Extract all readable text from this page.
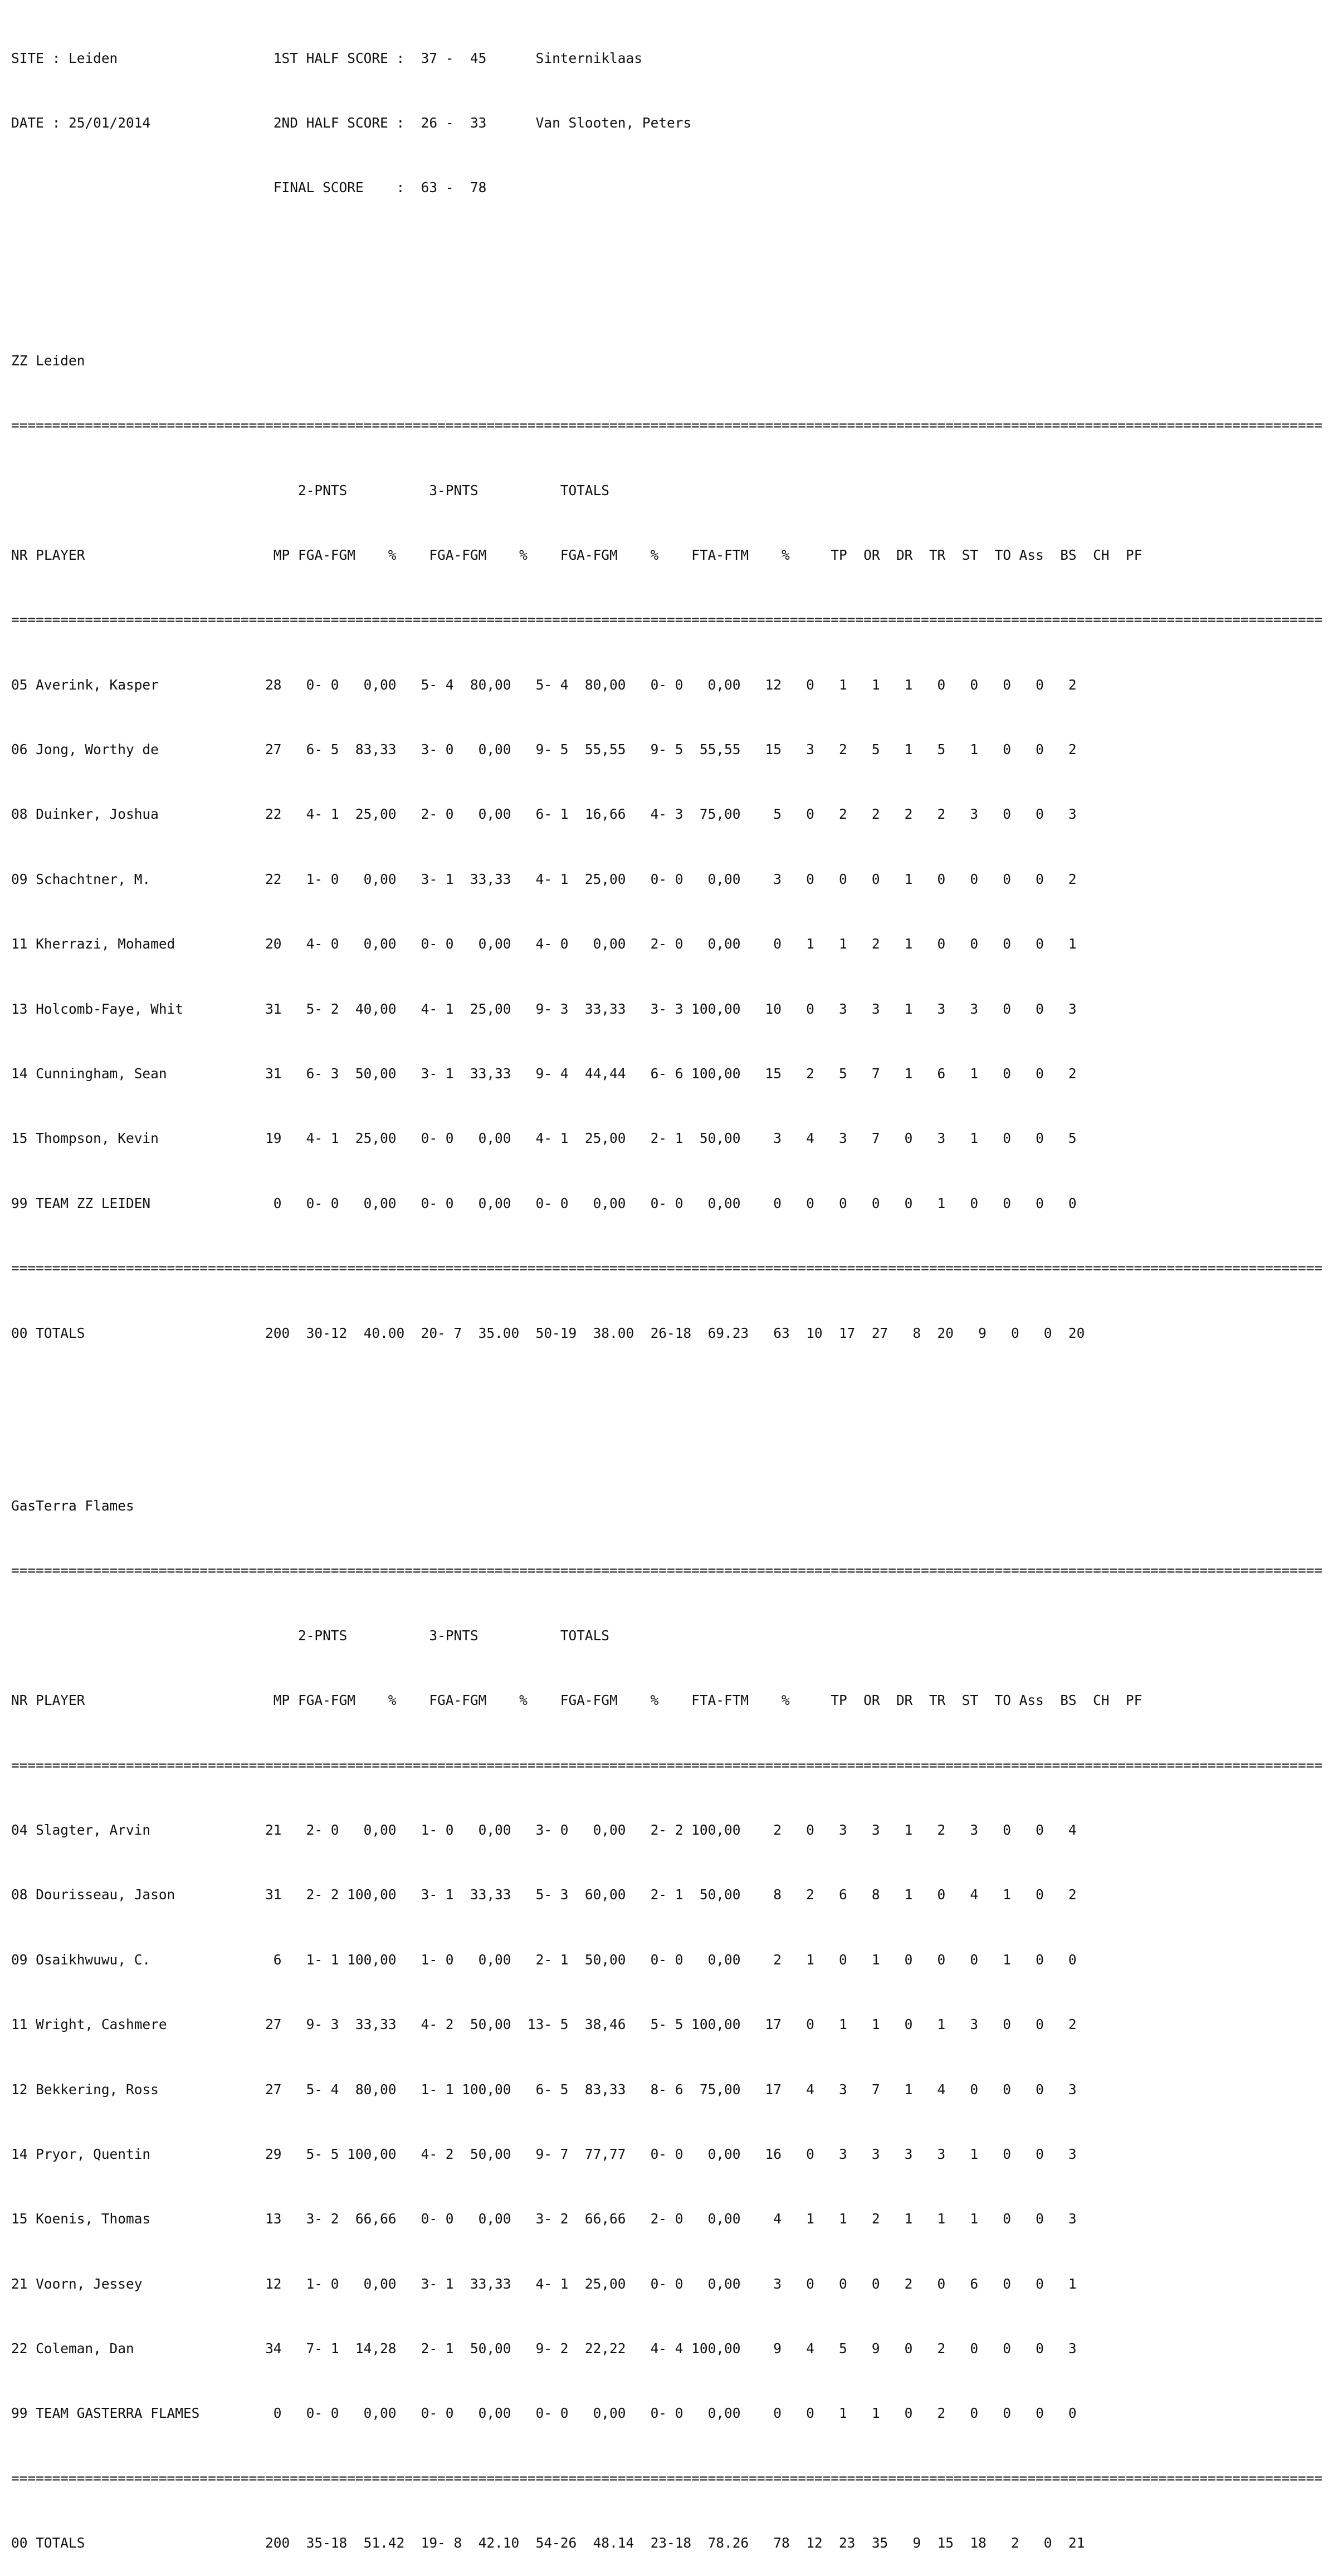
SITE : Leiden	1ST HALF SCORE : 37 -  45	Sinterniklaas

DATE : 25/01/2014	2ND HALF SCORE : 26 -  33	Van Slooten, Peters

FINAL SCORE    : 63 -  78

ZZ Leiden

================================================================================================================================================================

2-PNTS          3-PNTS          TOTALS

NR PLAYER                       MP FGA-FGM    %    FGA-FGM    %    FGA-FGM    %    FTA-FTM    %     TP  OR  DR  TR  ST  TO Ass  BS  CH  PF

================================================================================================================================================================

05 Averink, Kasper             28   0- 0   0,00   5- 4  80,00   5- 4  80,00   0- 0   0,00   12   0   1   1   1   0   0   0   0   2

06 Jong, Worthy de             27   6- 5  83,33   3- 0   0,00   9- 5  55,55   9- 5  55,55   15   3   2   5   1   5   1   0   0   2

08 Duinker, Joshua             22   4- 1  25,00   2- 0   0,00   6- 1  16,66   4- 3  75,00    5   0   2   2   2   2   3   0   0   3

09 Schachtner, M.              22   1- 0   0,00   3- 1  33,33   4- 1  25,00   0- 0   0,00    3   0   0   0   1   0   0   0   0   2

11 Kherrazi, Mohamed           20   4- 0   0,00   0- 0   0,00   4- 0   0,00   2- 0   0,00    0   1   1   2   1   0   0   0   0   1

13 Holcomb-Faye, Whit          31   5- 2  40,00   4- 1  25,00   9- 3  33,33   3- 3 100,00   10   0   3   3   1   3   3   0   0   3

14 Cunningham, Sean            31   6- 3  50,00   3- 1  33,33   9- 4  44,44   6- 6 100,00   15   2   5   7   1   6   1   0   0   2

15 Thompson, Kevin             19   4- 1  25,00   0- 0   0,00   4- 1  25,00   2- 1  50,00    3   4   3   7   0   3   1   0   0   5

99 TEAM ZZ LEIDEN               0   0- 0   0,00   0- 0   0,00   0- 0   0,00   0- 0   0,00    0   0   0   0   0   1   0   0   0   0

================================================================================================================================================================

00 TOTALS                      200  30-12  40.00  20- 7  35.00  50-19  38.00  26-18  69.23   63  10  17  27   8  20   9   0   0  20

GasTerra Flames

================================================================================================================================================================

2-PNTS          3-PNTS          TOTALS

NR PLAYER                       MP FGA-FGM    %    FGA-FGM    %    FGA-FGM    %    FTA-FTM    %     TP  OR  DR  TR  ST  TO Ass  BS  CH  PF

================================================================================================================================================================

04 Slagter, Arvin              21   2- 0   0,00   1- 0   0,00   3- 0   0,00   2- 2 100,00    2   0   3   3   1   2   3   0   0   4

08 Dourisseau, Jason           31   2- 2 100,00   3- 1  33,33   5- 3  60,00   2- 1  50,00    8   2   6   8   1   0   4   1   0   2

09 Osaikhwuwu, C.               6   1- 1 100,00   1- 0   0,00   2- 1  50,00   0- 0   0,00    2   1   0   1   0   0   0   1   0   0

11 Wright, Cashmere            27   9- 3  33,33   4- 2  50,00  13- 5  38,46   5- 5 100,00   17   0   1   1   0   1   3   0   0   2

12 Bekkering, Ross             27   5- 4  80,00   1- 1 100,00   6- 5  83,33   8- 6  75,00   17   4   3   7   1   4   0   0   0   3

14 Pryor, Quentin              29   5- 5 100,00   4- 2  50,00   9- 7  77,77   0- 0   0,00   16   0   3   3   3   3   1   0   0   3

15 Koenis, Thomas              13   3- 2  66,66   0- 0   0,00   3- 2  66,66   2- 0   0,00    4   1   1   2   1   1   1   0   0   3

21 Voorn, Jessey               12   1- 0   0,00   3- 1  33,33   4- 1  25,00   0- 0   0,00    3   0   0   0   2   0   6   0   0   1

22 Coleman, Dan                34   7- 1  14,28   2- 1  50,00   9- 2  22,22   4- 4 100,00    9   4   5   9   0   2   0   0   0   3

99 TEAM GASTERRA FLAMES         0   0- 0   0,00   0- 0   0,00   0- 0   0,00   0- 0   0,00    0   0   1   1   0   2   0   0   0   0

================================================================================================================================================================

00 TOTALS                      200  35-18  51.42  19- 8  42.10  54-26  48.14  23-18  78.26   78  12  23  35   9  15  18   2   0  21
